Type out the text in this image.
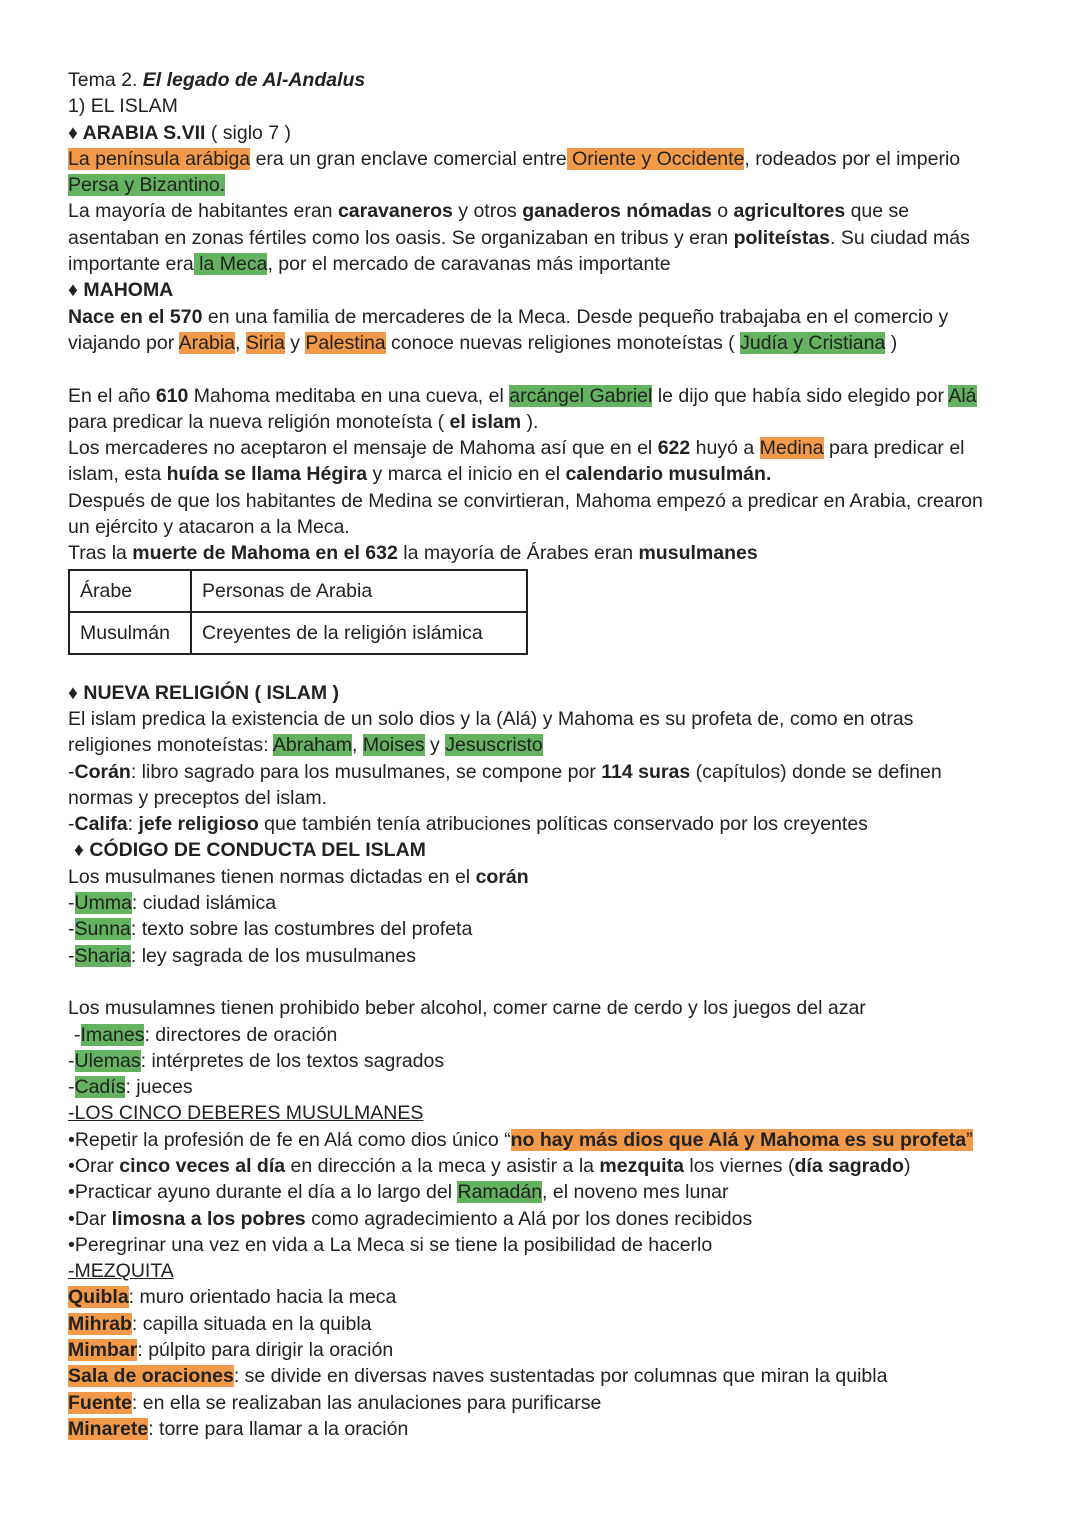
Tema 2. El legado de Al-Andalus
1) EL ISLAM
♦ ARABIA S.VII ( siglo 7 )
La península arábiga era un gran enclave comercial entre Oriente y Occidente, rodeados por el imperio
Persa y Bizantino.
La mayoría de habitantes eran caravaneros y otros ganaderos nómadas o agricultores que se
asentaban en zonas fértiles como los oasis. Se organizaban en tribus y eran politeístas. Su ciudad más
importante era la Meca, por el mercado de caravanas más importante
♦ MAHOMA
Nace en el 570 en una familia de mercaderes de la Meca. Desde pequeño trabajaba en el comercio y
viajando por Arabia, Siria y Palestina conoce nuevas religiones monoteístas ( Judía y Cristiana )
En el año 610 Mahoma meditaba en una cueva, el arcángel Gabriel le dijo que había sido elegido por Alá
para predicar la nueva religión monoteísta ( el islam ).
Los mercaderes no aceptaron el mensaje de Mahoma así que en el 622 huyó a Medina para predicar el
islam, esta huída se llama Hégira y marca el inicio en el calendario musulmán.
Después de que los habitantes de Medina se convirtieran, Mahoma empezó a predicar en Arabia, crearon
un ejército y atacaron a la Meca.
Tras la muerte de Mahoma en el 632 la mayoría de Árabes eran musulmanes
Árabe	Personas de Arabia
Musulmán	Creyentes de la religión islámica
♦ NUEVA RELIGIÓN ( ISLAM )
El islam predica la existencia de un solo dios y la (Alá) y Mahoma es su profeta de, como en otras
religiones monoteístas: Abraham, Moises y Jesuscristo
-Corán: libro sagrado para los musulmanes, se compone por 114 suras (capítulos) donde se definen
normas y preceptos del islam.
-Califa: jefe religioso que también tenía atribuciones políticas conservado por los creyentes
♦ CÓDIGO DE CONDUCTA DEL ISLAM
Los musulmanes tienen normas dictadas en el corán
-Umma: ciudad islámica
-Sunna: texto sobre las costumbres del profeta
-Sharia: ley sagrada de los musulmanes
Los musulamnes tienen prohibido beber alcohol, comer carne de cerdo y los juegos del azar
-Imanes: directores de oración
-Ulemas: intérpretes de los textos sagrados
-Cadís: jueces
-LOS CINCO DEBERES MUSULMANES
•Repetir la profesión de fe en Alá como dios único “no hay más dios que Alá y Mahoma es su profeta”
•Orar cinco veces al día en dirección a la meca y asistir a la mezquita los viernes (día sagrado)
•Practicar ayuno durante el día a lo largo del Ramadán, el noveno mes lunar
•Dar limosna a los pobres como agradecimiento a Alá por los dones recibidos
•Peregrinar una vez en vida a La Meca si se tiene la posibilidad de hacerlo
-MEZQUITA
Quibla: muro orientado hacia la meca
Mihrab: capilla situada en la quibla
Mimbar: púlpito para dirigir la oración
Sala de oraciones: se divide en diversas naves sustentadas por columnas que miran la quibla
Fuente: en ella se realizaban las anulaciones para purificarse
Minarete: torre para llamar a la oración
